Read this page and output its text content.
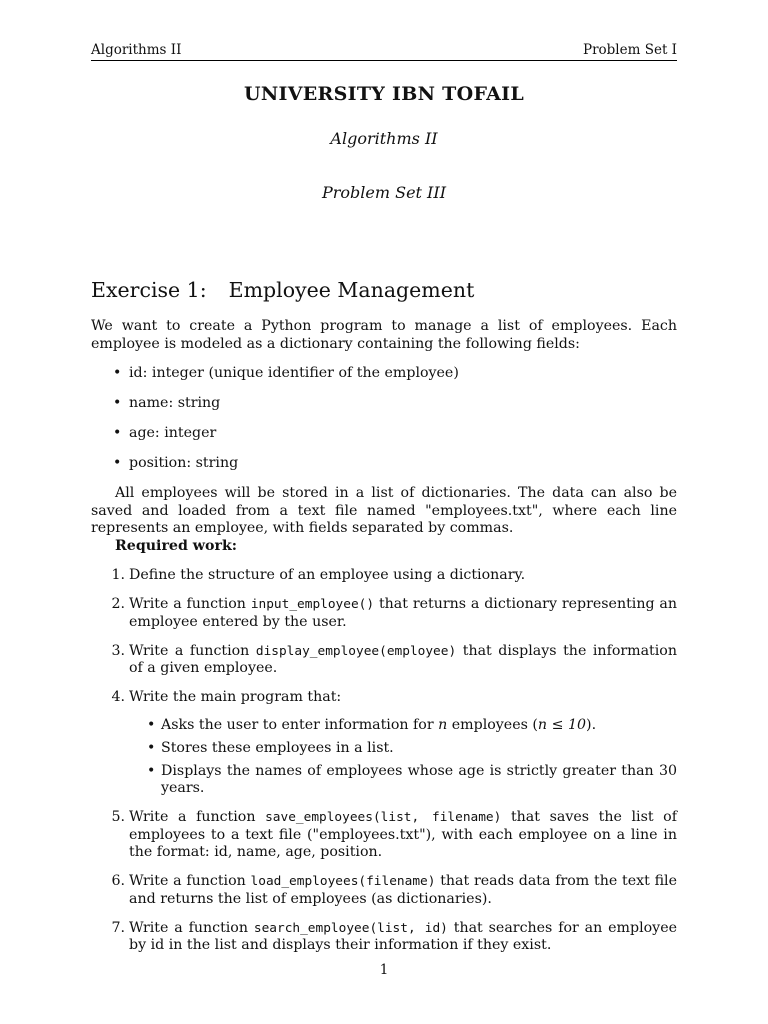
Algorithms II	Problem Set I
UNIVERSITY IBN TOFAIL
Algorithms II
Problem Set III
Exercise 1: Employee Management

We want to create a Python program to manage a list of employees. Each employee is modeled as a dictionary containing the following fields:

• id: integer (unique identifier of the employee)
• name: string
• age: integer
• position: string

All employees will be stored in a list of dictionaries. The data can also be saved and loaded from a text file named "employees.txt", where each line represents an employee, with fields separated by commas.

Required work:
1. Define the structure of an employee using a dictionary.
2. Write a function input_employee() that returns a dictionary representing an employee entered by the user.
3. Write a function display_employee(employee) that displays the information of a given employee.
4. Write the main program that:
• Asks the user to enter information for n employees (n ≤ 10).
• Stores these employees in a list.
• Displays the names of employees whose age is strictly greater than 30 years.
5. Write a function save_employees(list, filename) that saves the list of employees to a text file ("employees.txt"), with each employee on a line in the format: id, name, age, position.
6. Write a function load_employees(filename) that reads data from the text file and returns the list of employees (as dictionaries).
7. Write a function search_employee(list, id) that searches for an employee by id in the list and displays their information if they exist.
1
